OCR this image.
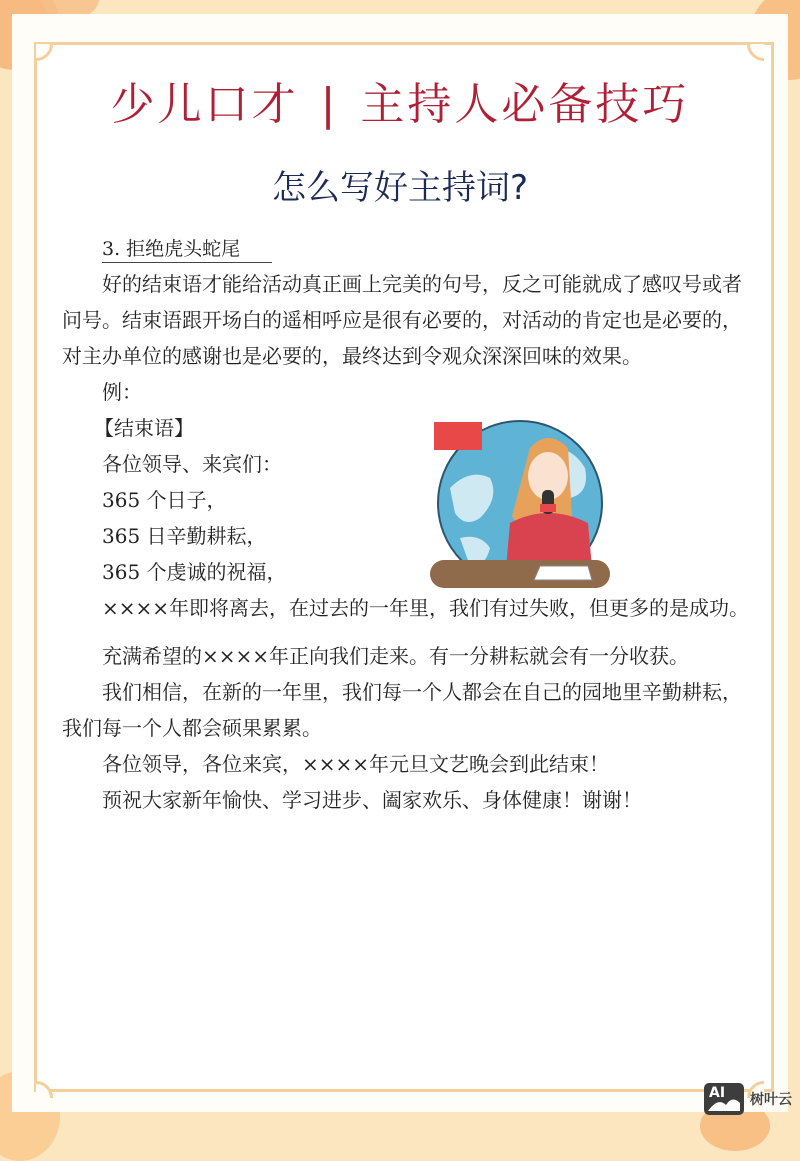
少儿口才 | 主持人必备技巧
怎么写好主持词?
3. 拒绝虎头蛇尾

好的结束语才能给活动真正画上完美的句号，反之可能就成了感叹号或者问号。结束语跟开场白的遥相呼应是很有必要的，对活动的肯定也是必要的，对主办单位的感谢也是必要的，最终达到令观众深深回味的效果。

例：

【结束语】

各位领导、来宾们：

365 个日子，

365 日辛勤耕耘，

365 个虔诚的祝福，

××××年即将离去，在过去的一年里，我们有过失败，但更多的是成功。

充满希望的××××年正向我们走来。有一分耕耘就会有一分收获。

我们相信，在新的一年里，我们每一个人都会在自己的园地里辛勤耕耘，我们每一个人都会硕果累累。

各位领导，各位来宾，××××年元旦文艺晚会到此结束！

预祝大家新年愉快、学习进步、阖家欢乐、身体健康！谢谢！

AI 树叶云
